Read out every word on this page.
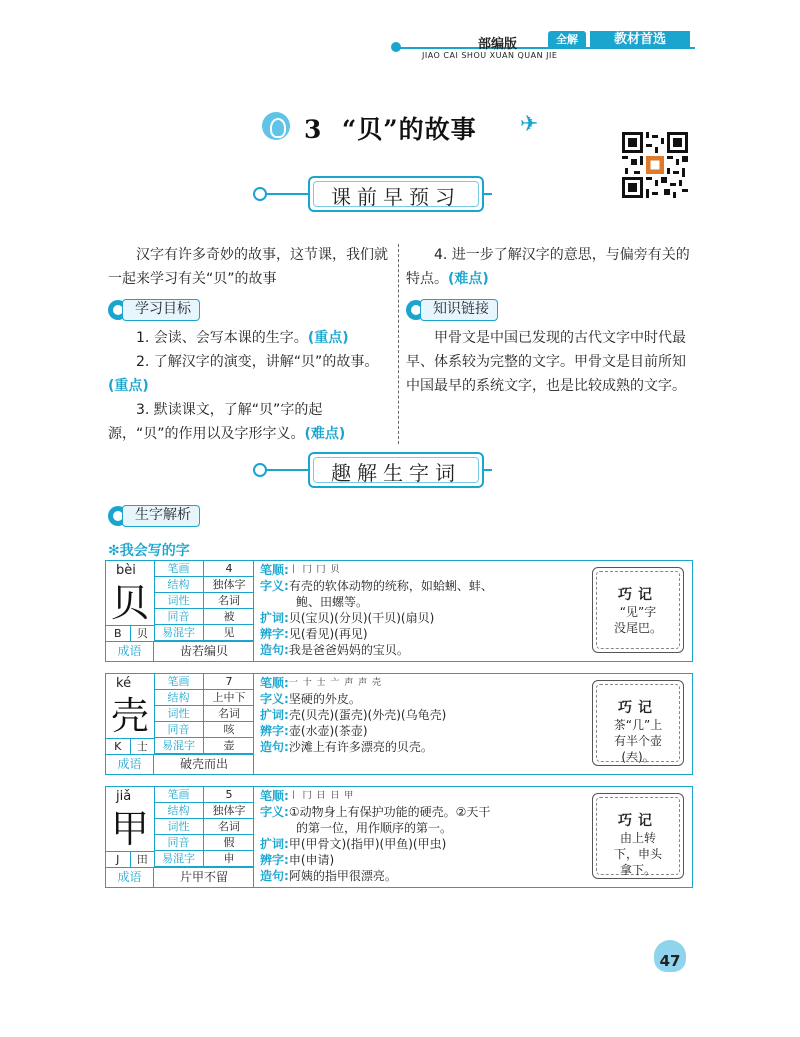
部编版	全解	教材首选
JIAO CAI SHOU XUAN QUAN JIE
3 “贝”的故事
✈
课前早预习

汉字有许多奇妙的故事，这节课，我们就一起来学习有关“贝”的故事

学习目标

1. 会读、会写本课的生字。(重点)

2. 了解汉字的演变，讲解“贝”的故事。(重点)

3. 默读课文，了解“贝”字的起源，“贝”的作用以及字形字义。(难点)

4. 进一步了解汉字的意思，与偏旁有关的特点。(难点)

知识链接

甲骨文是中国已发现的古代文字中时代最早、体系较为完整的文字。甲骨文是目前所知中国最早的系统文字，也是比较成熟的文字。

趣解生字词
生字解析
✻我会写的字
bèi
贝
笔画	4
结构	独体字
词性	名词
同音	被
易混字	见
B	贝
成语	齿若编贝
笔顺: 丨 冂 冂 贝
字义: 有壳的软体动物的统称，如蛤蜊、蚌、
鲍、田螺等。
扩词: 贝(宝贝)(分贝)(干贝)(扇贝)
辨字: 见(看见)(再见)
造句: 我是爸爸妈妈的宝贝。
巧记
“见”字
没尾巴。
ké
壳
笔画	7
结构	上中下
词性	名词
同音	咳
易混字	壶
K	士
成语	破壳而出
笔顺: 一 十 士 亠 声 声 壳
字义: 坚硬的外皮。
扩词: 壳(贝壳)(蛋壳)(外壳)(乌龟壳)
辨字: 壶(水壶)(茶壶)
造句: 沙滩上有许多漂亮的贝壳。
巧记
茶“几”上
有半个壶
(𡗗)。
jiǎ
甲
笔画	5
结构	独体字
词性	名词
同音	假
易混字	申
J	田
成语	片甲不留
笔顺: 丨 冂 日 日 甲
字义: ①动物身上有保护功能的硬壳。②天干
的第一位，用作顺序的第一。
扩词: 甲(甲骨文)(指甲)(甲鱼)(甲虫)
辨字: 申(申请)
造句: 阿姨的指甲很漂亮。
巧记
由上转
下，申头
拿下。
47
